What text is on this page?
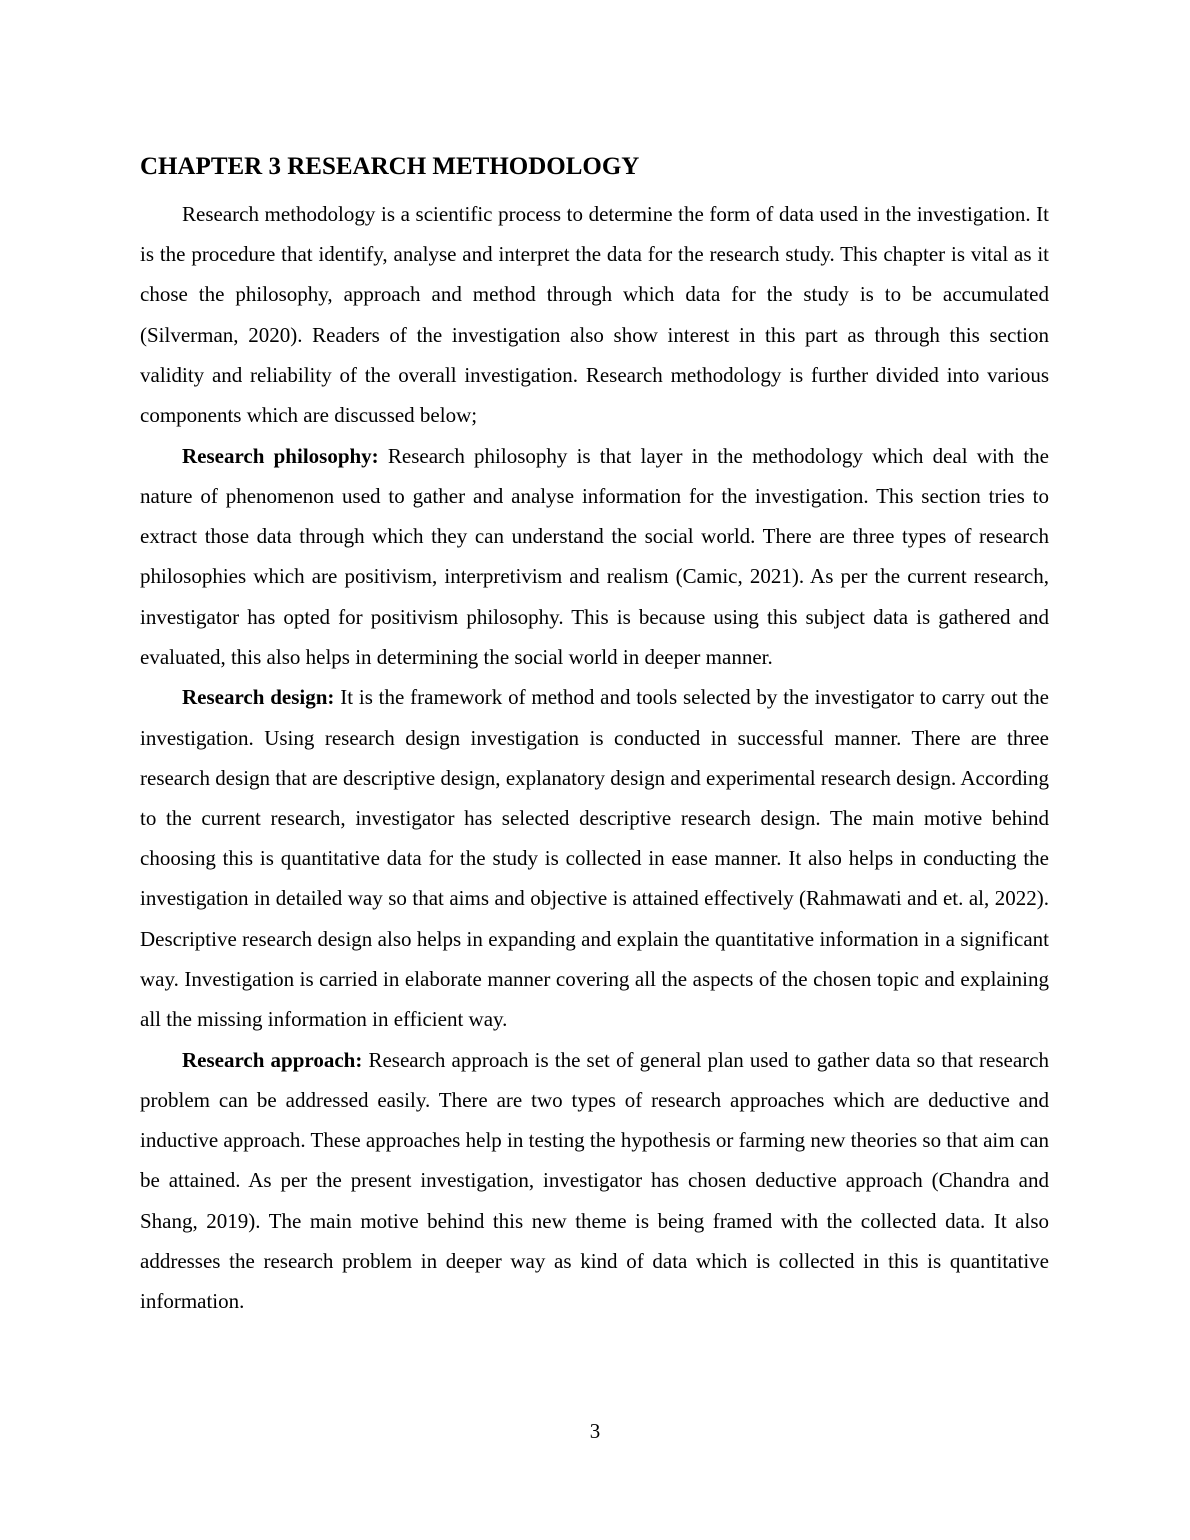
CHAPTER 3 RESEARCH METHODOLOGY

Research methodology is a scientific process to determine the form of data used in the investigation. It is the procedure that identify, analyse and interpret the data for the research study. This chapter is vital as it chose the philosophy, approach and method through which data for the study is to be accumulated (Silverman, 2020). Readers of the investigation also show interest in this part as through this section validity and reliability of the overall investigation. Research methodology is further divided into various components which are discussed below;

Research philosophy: Research philosophy is that layer in the methodology which deal with the nature of phenomenon used to gather and analyse information for the investigation. This section tries to extract those data through which they can understand the social world. There are three types of research philosophies which are positivism, interpretivism and realism (Camic, 2021). As per the current research, investigator has opted for positivism philosophy. This is because using this subject data is gathered and evaluated, this also helps in determining the social world in deeper manner.

Research design: It is the framework of method and tools selected by the investigator to carry out the investigation. Using research design investigation is conducted in successful manner. There are three research design that are descriptive design, explanatory design and experimental research design. According to the current research, investigator has selected descriptive research design. The main motive behind choosing this is quantitative data for the study is collected in ease manner. It also helps in conducting the investigation in detailed way so that aims and objective is attained effectively (Rahmawati and et. al, 2022). Descriptive research design also helps in expanding and explain the quantitative information in a significant way. Investigation is carried in elaborate manner covering all the aspects of the chosen topic and explaining all the missing information in efficient way.

Research approach: Research approach is the set of general plan used to gather data so that research problem can be addressed easily. There are two types of research approaches which are deductive and inductive approach. These approaches help in testing the hypothesis or farming new theories so that aim can be attained. As per the present investigation, investigator has chosen deductive approach (Chandra and Shang, 2019). The main motive behind this new theme is being framed with the collected data. It also addresses the research problem in deeper way as kind of data which is collected in this is quantitative information.

3
